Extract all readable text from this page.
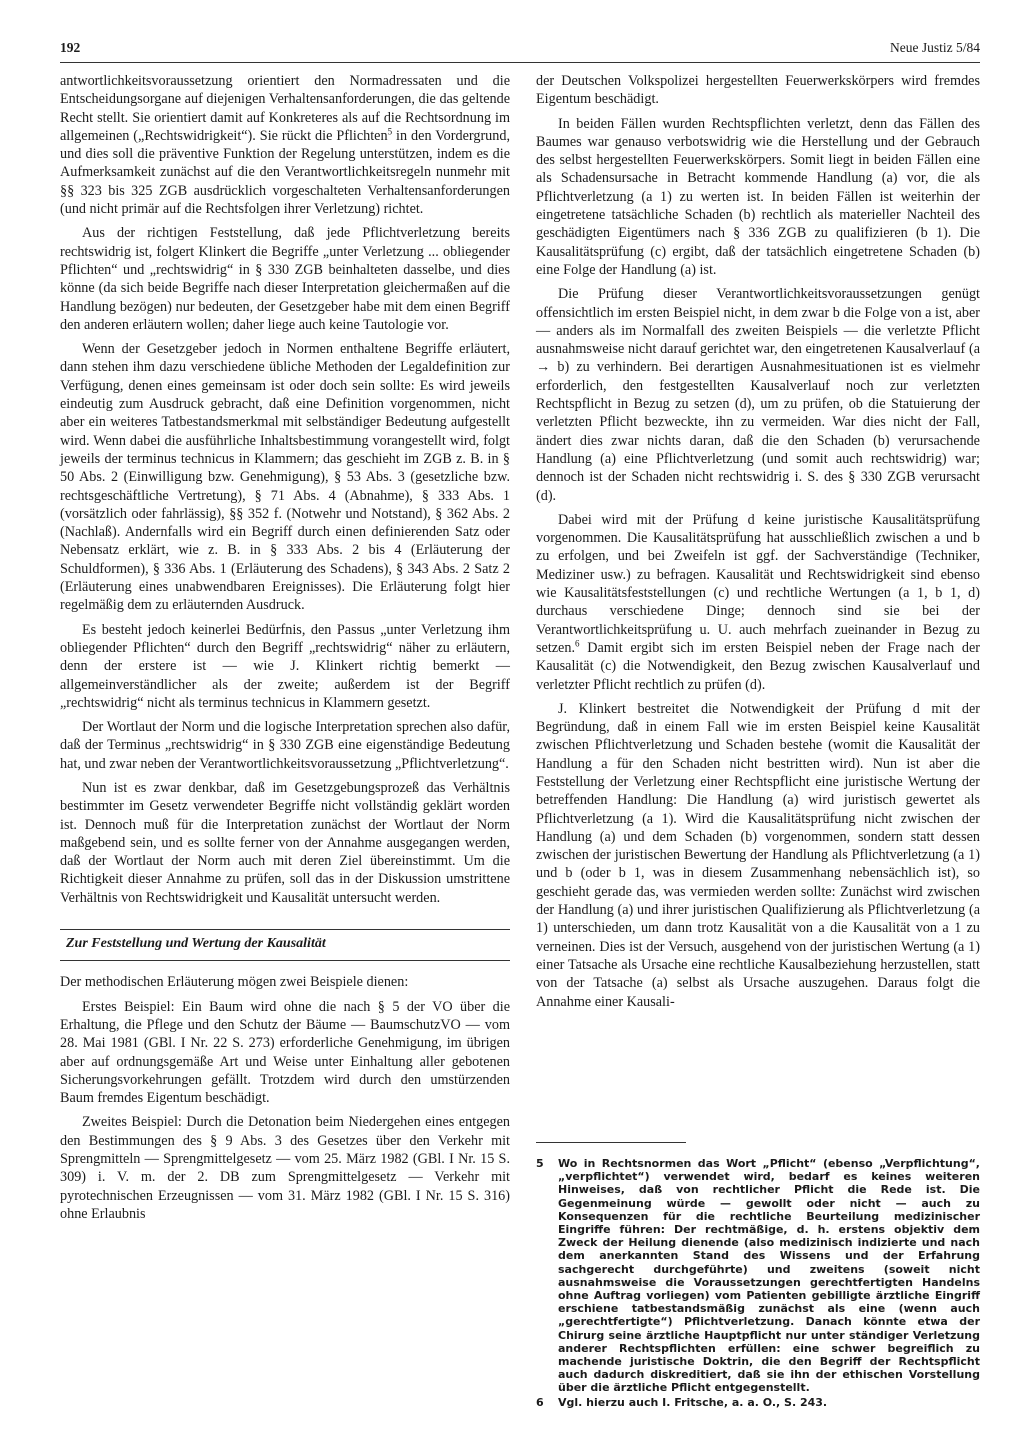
192	Neue Justiz 5/84

antwortlichkeitsvoraussetzung orientiert den Normadressaten und die Entscheidungsorgane auf diejenigen Verhaltensanforderungen, die das geltende Recht stellt. Sie orientiert damit auf Konkreteres als auf die Rechtsordnung im allgemeinen („Rechtswidrigkeit“). Sie rückt die Pflichten$^5$ in den Vordergrund, und dies soll die präventive Funktion der Regelung unterstützen, indem es die Aufmerksamkeit zunächst auf die den Verantwortlichkeitsregeln nunmehr mit §§ 323 bis 325 ZGB ausdrücklich vorgeschalteten Verhaltensanforderungen (und nicht primär auf die Rechtsfolgen ihrer Verletzung) richtet.

Aus der richtigen Feststellung, daß jede Pflichtverletzung bereits rechtswidrig ist, folgert Klinkert die Begriffe „unter Verletzung ... obliegender Pflichten“ und „rechtswidrig“ in § 330 ZGB beinhalteten dasselbe, und dies könne (da sich beide Begriffe nach dieser Interpretation gleichermaßen auf die Handlung bezögen) nur bedeuten, der Gesetzgeber habe mit dem einen Begriff den anderen erläutern wollen; daher liege auch keine Tautologie vor.

Wenn der Gesetzgeber jedoch in Normen enthaltene Begriffe erläutert, dann stehen ihm dazu verschiedene übliche Methoden der Legaldefinition zur Verfügung, denen eines gemeinsam ist oder doch sein sollte: Es wird jeweils eindeutig zum Ausdruck gebracht, daß eine Definition vorgenommen, nicht aber ein weiteres Tatbestandsmerkmal mit selbständiger Bedeutung aufgestellt wird. Wenn dabei die ausführliche Inhaltsbestimmung vorangestellt wird, folgt jeweils der terminus technicus in Klammern; das geschieht im ZGB z. B. in § 50 Abs. 2 (Einwilligung bzw. Genehmigung), § 53 Abs. 3 (gesetzliche bzw. rechtsgeschäftliche Vertretung), § 71 Abs. 4 (Abnahme), § 333 Abs. 1 (vorsätzlich oder fahrlässig), §§ 352 f. (Notwehr und Notstand), § 362 Abs. 2 (Nachlaß). Andernfalls wird ein Begriff durch einen definierenden Satz oder Nebensatz erklärt, wie z. B. in § 333 Abs. 2 bis 4 (Erläuterung der Schuldformen), § 336 Abs. 1 (Erläuterung des Schadens), § 343 Abs. 2 Satz 2 (Erläuterung eines unabwendbaren Ereignisses). Die Erläuterung folgt hier regelmäßig dem zu erläuternden Ausdruck.

Es besteht jedoch keinerlei Bedürfnis, den Passus „unter Verletzung ihm obliegender Pflichten“ durch den Begriff „rechtswidrig“ näher zu erläutern, denn der erstere ist — wie J. Klinkert richtig bemerkt — allgemeinverständlicher als der zweite; außerdem ist der Begriff „rechtswidrig“ nicht als terminus technicus in Klammern gesetzt.

Der Wortlaut der Norm und die logische Interpretation sprechen also dafür, daß der Terminus „rechtswidrig“ in § 330 ZGB eine eigenständige Bedeutung hat, und zwar neben der Verantwortlichkeitsvoraussetzung „Pflichtverletzung“.

Nun ist es zwar denkbar, daß im Gesetzgebungsprozeß das Verhältnis bestimmter im Gesetz verwendeter Begriffe nicht vollständig geklärt worden ist. Dennoch muß für die Interpretation zunächst der Wortlaut der Norm maßgebend sein, und es sollte ferner von der Annahme ausgegangen werden, daß der Wortlaut der Norm auch mit deren Ziel übereinstimmt. Um die Richtigkeit dieser Annahme zu prüfen, soll das in der Diskussion umstrittene Verhältnis von Rechtswidrigkeit und Kausalität untersucht werden.

Zur Feststellung und Wertung der Kausalität

Der methodischen Erläuterung mögen zwei Beispiele dienen:

Erstes Beispiel: Ein Baum wird ohne die nach § 5 der VO über die Erhaltung, die Pflege und den Schutz der Bäume — BaumschutzVO — vom 28. Mai 1981 (GBl. I Nr. 22 S. 273) erforderliche Genehmigung, im übrigen aber auf ordnungsgemäße Art und Weise unter Einhaltung aller gebotenen Sicherungsvorkehrungen gefällt. Trotzdem wird durch den umstürzenden Baum fremdes Eigentum beschädigt.

Zweites Beispiel: Durch die Detonation beim Niedergehen eines entgegen den Bestimmungen des § 9 Abs. 3 des Gesetzes über den Verkehr mit Sprengmitteln — Sprengmittelgesetz — vom 25. März 1982 (GBl. I Nr. 15 S. 309) i. V. m. der 2. DB zum Sprengmittelgesetz — Verkehr mit pyrotechnischen Erzeugnissen — vom 31. März 1982 (GBl. I Nr. 15 S. 316) ohne Erlaubnis

der Deutschen Volkspolizei hergestellten Feuerwerkskörpers wird fremdes Eigentum beschädigt.

In beiden Fällen wurden Rechtspflichten verletzt, denn das Fällen des Baumes war genauso verbotswidrig wie die Herstellung und der Gebrauch des selbst hergestellten Feuerwerkskörpers. Somit liegt in beiden Fällen eine als Schadensursache in Betracht kommende Handlung (a) vor, die als Pflichtverletzung (a 1) zu werten ist. In beiden Fällen ist weiterhin der eingetretene tatsächliche Schaden (b) rechtlich als materieller Nachteil des geschädigten Eigentümers nach § 336 ZGB zu qualifizieren (b 1). Die Kausalitätsprüfung (c) ergibt, daß der tatsächlich eingetretene Schaden (b) eine Folge der Handlung (a) ist.

Die Prüfung dieser Verantwortlichkeitsvoraussetzungen genügt offensichtlich im ersten Beispiel nicht, in dem zwar b die Folge von a ist, aber — anders als im Normalfall des zweiten Beispiels — die verletzte Pflicht ausnahmsweise nicht darauf gerichtet war, den eingetretenen Kausalverlauf (a → b) zu verhindern. Bei derartigen Ausnahmesituationen ist es vielmehr erforderlich, den festgestellten Kausalverlauf noch zur verletzten Rechtspflicht in Bezug zu setzen (d), um zu prüfen, ob die Statuierung der verletzten Pflicht bezweckte, ihn zu vermeiden. War dies nicht der Fall, ändert dies zwar nichts daran, daß die den Schaden (b) verursachende Handlung (a) eine Pflichtverletzung (und somit auch rechtswidrig) war; dennoch ist der Schaden nicht rechtswidrig i. S. des § 330 ZGB verursacht (d).

Dabei wird mit der Prüfung d keine juristische Kausalitätsprüfung vorgenommen. Die Kausalitätsprüfung hat ausschließlich zwischen a und b zu erfolgen, und bei Zweifeln ist ggf. der Sachverständige (Techniker, Mediziner usw.) zu befragen. Kausalität und Rechtswidrigkeit sind ebenso wie Kausalitätsfeststellungen (c) und rechtliche Wertungen (a 1, b 1, d) durchaus verschiedene Dinge; dennoch sind sie bei der Verantwortlichkeitsprüfung u. U. auch mehrfach zueinander in Bezug zu setzen.$^6$ Damit ergibt sich im ersten Beispiel neben der Frage nach der Kausalität (c) die Notwendigkeit, den Bezug zwischen Kausalverlauf und verletzter Pflicht rechtlich zu prüfen (d).

J. Klinkert bestreitet die Notwendigkeit der Prüfung d mit der Begründung, daß in einem Fall wie im ersten Beispiel keine Kausalität zwischen Pflichtverletzung und Schaden bestehe (womit die Kausalität der Handlung a für den Schaden nicht bestritten wird). Nun ist aber die Feststellung der Verletzung einer Rechtspflicht eine juristische Wertung der betreffenden Handlung: Die Handlung (a) wird juristisch gewertet als Pflichtverletzung (a 1). Wird die Kausalitätsprüfung nicht zwischen der Handlung (a) und dem Schaden (b) vorgenommen, sondern statt dessen zwischen der juristischen Bewertung der Handlung als Pflichtverletzung (a 1) und b (oder b 1, was in diesem Zusammenhang nebensächlich ist), so geschieht gerade das, was vermieden werden sollte: Zunächst wird zwischen der Handlung (a) und ihrer juristischen Qualifizierung als Pflichtverletzung (a 1) unterschieden, um dann trotz Kausalität von a die Kausalität von a 1 zu verneinen. Dies ist der Versuch, ausgehend von der juristischen Wertung (a 1) einer Tatsache als Ursache eine rechtliche Kausalbeziehung herzustellen, statt von der Tatsache (a) selbst als Ursache auszugehen. Daraus folgt die Annahme einer Kausali-

5	Wo in Rechtsnormen das Wort „Pflicht“ (ebenso „Verpflichtung“, „verpflichtet“) verwendet wird, bedarf es keines weiteren Hinweises, daß von rechtlicher Pflicht die Rede ist. Die Gegenmeinung würde — gewollt oder nicht — auch zu Konsequenzen für die rechtliche Beurteilung medizinischer Eingriffe führen: Der rechtmäßige, d. h. erstens objektiv dem Zweck der Heilung dienende (also medizinisch indizierte und nach dem anerkannten Stand des Wissens und der Erfahrung sachgerecht durchgeführte) und zweitens (soweit nicht ausnahmsweise die Voraussetzungen gerechtfertigten Handelns ohne Auftrag vorliegen) vom Patienten gebilligte ärztliche Eingriff erschiene tatbestandsmäßig zunächst als eine (wenn auch „gerechtfertigte“) Pflichtverletzung. Danach könnte etwa der Chirurg seine ärztliche Hauptpflicht nur unter ständiger Verletzung anderer Rechtspflichten erfüllen: eine schwer begreiflich zu machende juristische Doktrin, die den Begriff der Rechtspflicht auch dadurch diskreditiert, daß sie ihn der ethischen Vorstellung über die ärztliche Pflicht entgegenstellt.
6	Vgl. hierzu auch I. Fritsche, a. a. O., S. 243.
